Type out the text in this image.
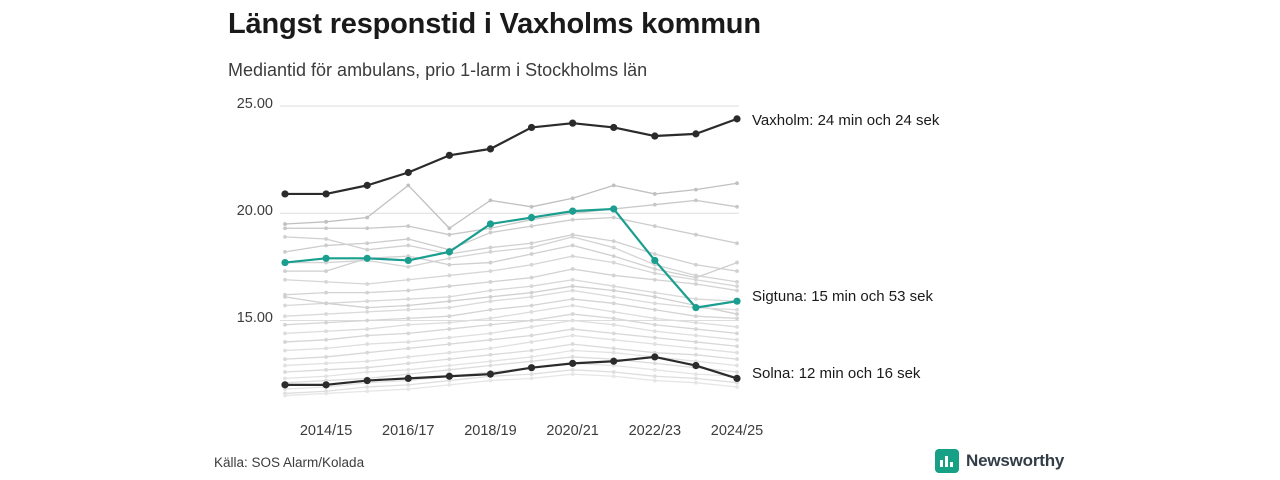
Längst responstid i Vaxholms kommun
Mediantid för ambulans, prio 1-larm i Stockholms län
15.00
20.00
25.00
2014/15 2016/17 2018/19 2020/21 2022/23 2024/25
Vaxholm: 24 min och 24 sek
Sigtuna: 15 min och 53 sek
Solna: 12 min och 16 sek
Källa: SOS Alarm/Kolada	Newsworthy
